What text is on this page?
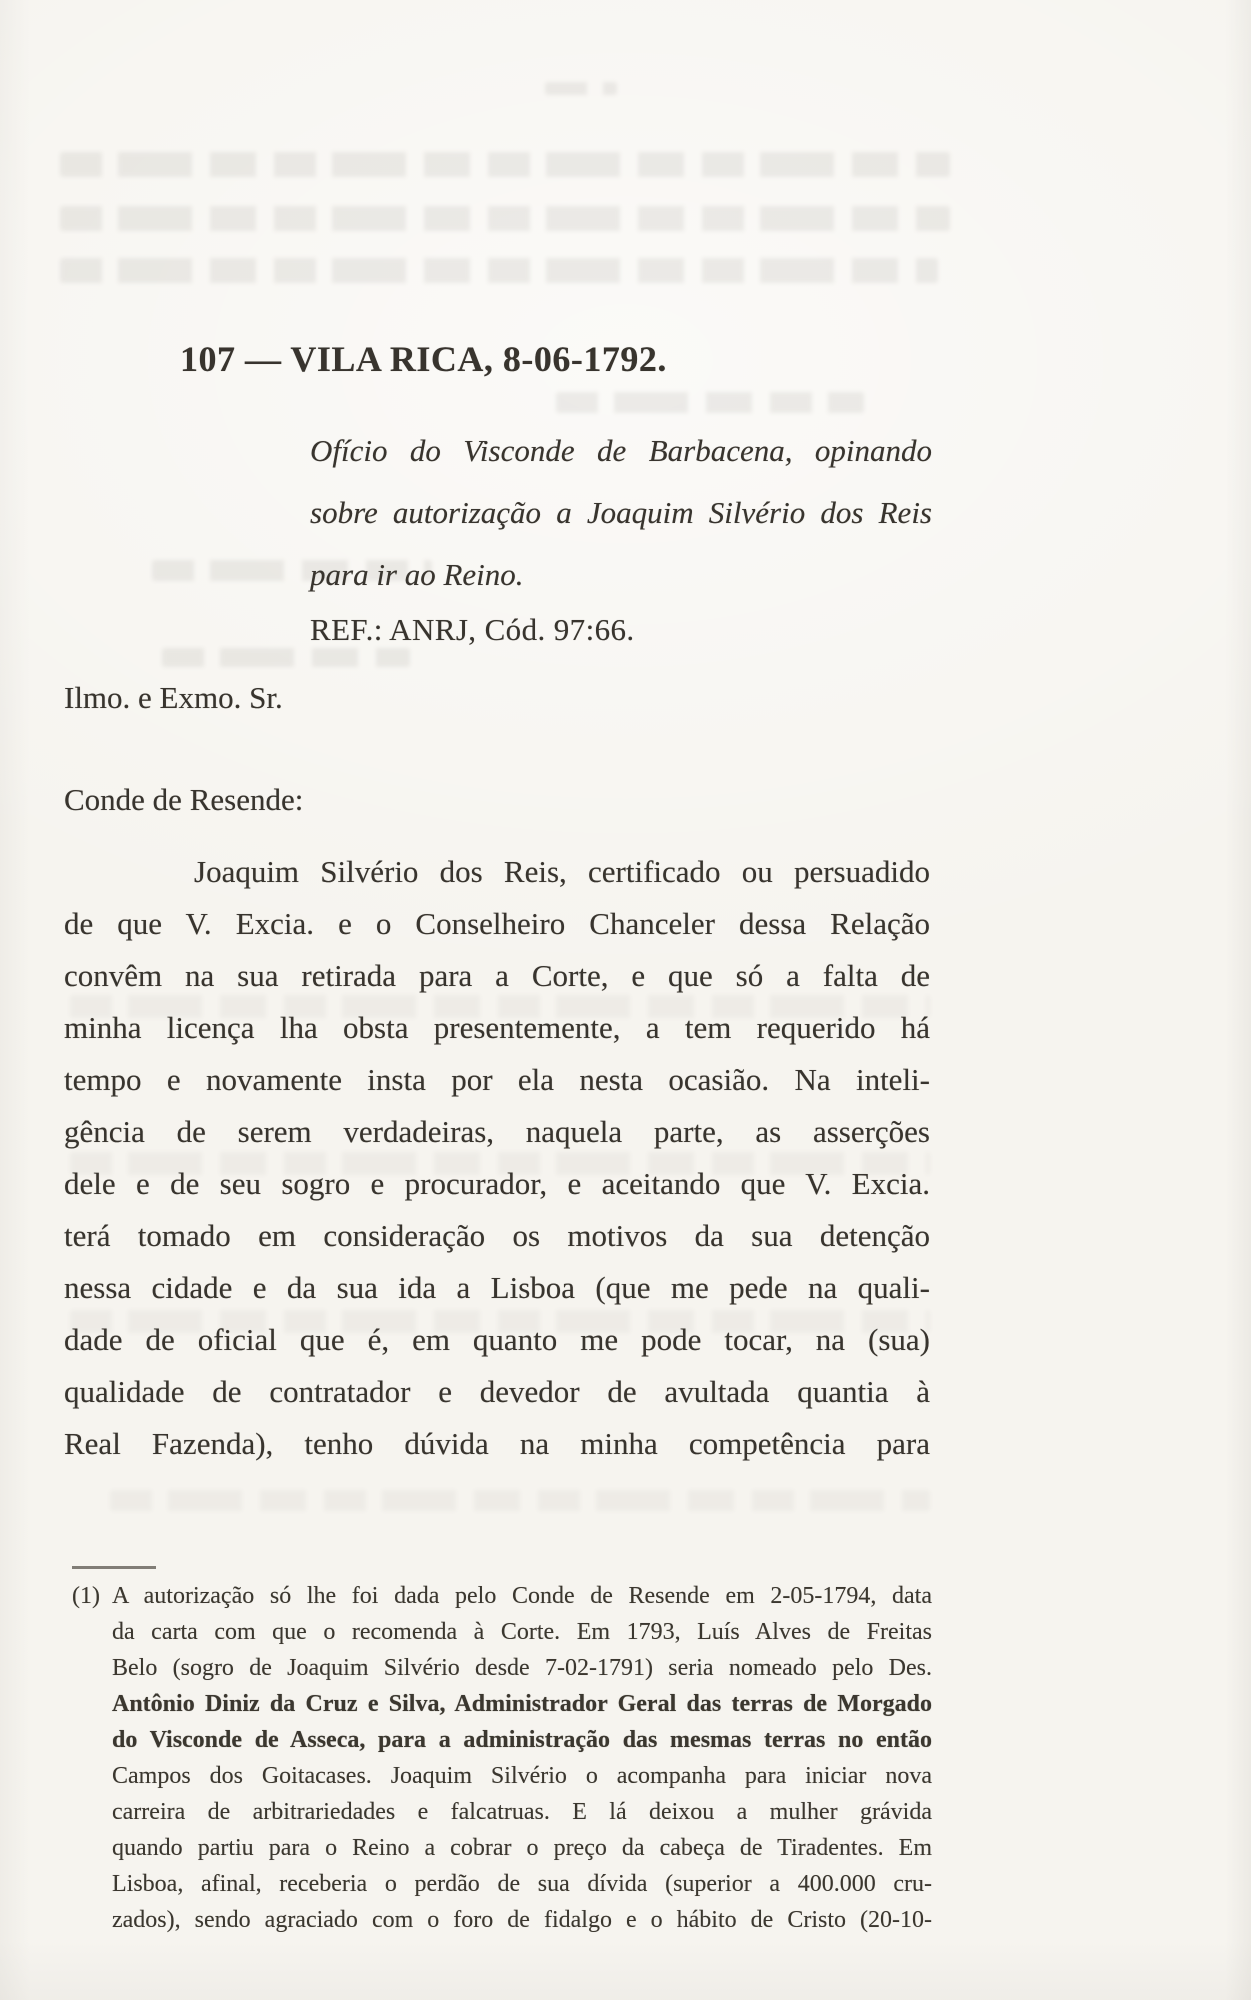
107 — VILA RICA, 8-06-1792.
Ofício do Visconde de Barbacena, opinando
sobre autorização a Joaquim Silvério dos Reis
para ir ao Reino.
REF.: ANRJ, Cód. 97:66.
Ilmo. e Exmo. Sr.
Conde de Resende:
Joaquim Silvério dos Reis, certificado ou persuadido
de que V. Excia. e o Conselheiro Chanceler dessa Relação
convêm na sua retirada para a Corte, e que só a falta de
minha licença lha obsta presentemente, a tem requerido há
tempo e novamente insta por ela nesta ocasião. Na inteli-
gência de serem verdadeiras, naquela parte, as asserções
dele e de seu sogro e procurador, e aceitando que V. Excia.
terá tomado em consideração os motivos da sua detenção
nessa cidade e da sua ida a Lisboa (que me pede na quali-
dade de oficial que é, em quanto me pode tocar, na (sua)
qualidade de contratador e devedor de avultada quantia à
Real Fazenda), tenho dúvida na minha competência para
(1) A autorização só lhe foi dada pelo Conde de Resende em 2-05-1794, data
da carta com que o recomenda à Corte. Em 1793, Luís Alves de Freitas
Belo (sogro de Joaquim Silvério desde 7-02-1791) seria nomeado pelo Des.
Antônio Diniz da Cruz e Silva, Administrador Geral das terras de Morgado
do Visconde de Asseca, para a administração das mesmas terras no então
Campos dos Goitacases. Joaquim Silvério o acompanha para iniciar nova
carreira de arbitrariedades e falcatruas. E lá deixou a mulher grávida
quando partiu para o Reino a cobrar o preço da cabeça de Tiradentes. Em
Lisboa, afinal, receberia o perdão de sua dívida (superior a 400.000 cru-
zados), sendo agraciado com o foro de fidalgo e o hábito de Cristo (20-10-
